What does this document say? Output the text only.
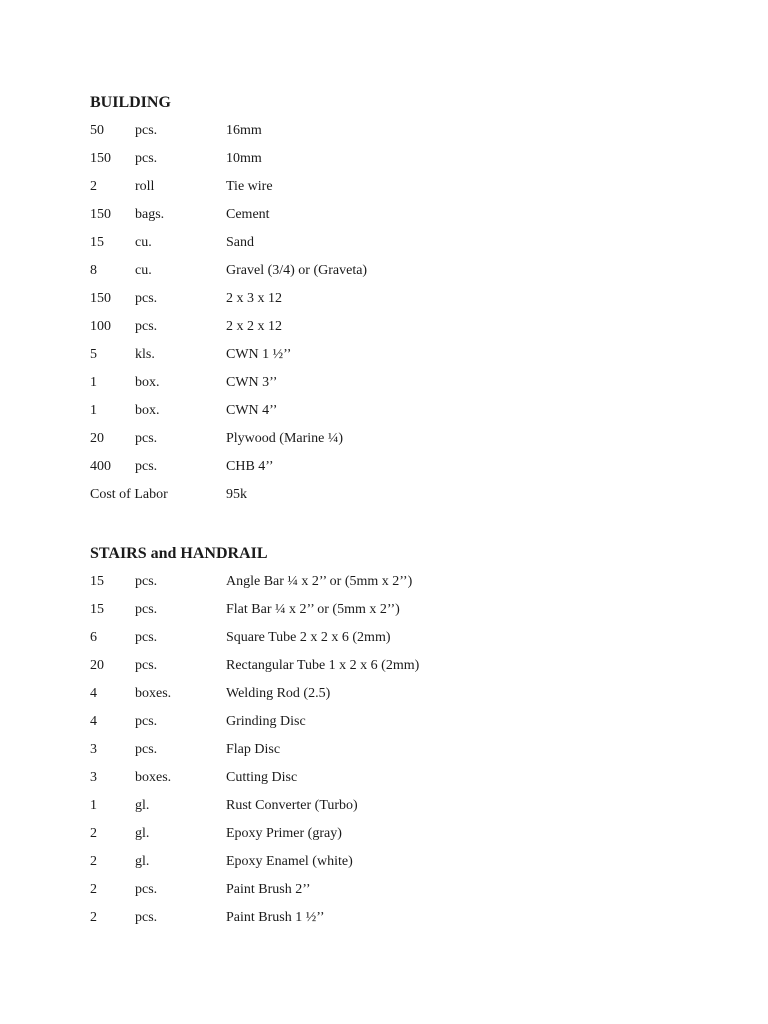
BUILDING
50 pcs.	16mm
150 pcs.	10mm
2	roll	Tie wire
150 bags.	Cement
15 cu.	Sand
8	cu.	Gravel (3/4) or (Graveta)
150 pcs.	2 x 3 x 12
100 pcs.	2 x 2 x 12
5	kls.	CWN 1 ½’’
1	box.	CWN 3’’
1	box.	CWN 4’’
20 pcs.	Plywood (Marine ¼)
400 pcs.	CHB 4’’
Cost of Labor	95k
STAIRS and HANDRAIL
15 pcs.	Angle Bar ¼ x 2’’ or (5mm x 2’’)
15 pcs.	Flat Bar ¼ x 2’’ or (5mm x 2’’)
6	pcs.	Square Tube 2 x 2 x 6 (2mm)
20 pcs.	Rectangular Tube 1 x 2 x 6 (2mm)
4	boxes.	Welding Rod (2.5)
4	pcs.	Grinding Disc
3	pcs.	Flap Disc
3	boxes.	Cutting Disc
1	gl.	Rust Converter (Turbo)
2	gl.	Epoxy Primer (gray)
2	gl.	Epoxy Enamel (white)
2	pcs.	Paint Brush 2’’
2	pcs.	Paint Brush 1 ½’’
